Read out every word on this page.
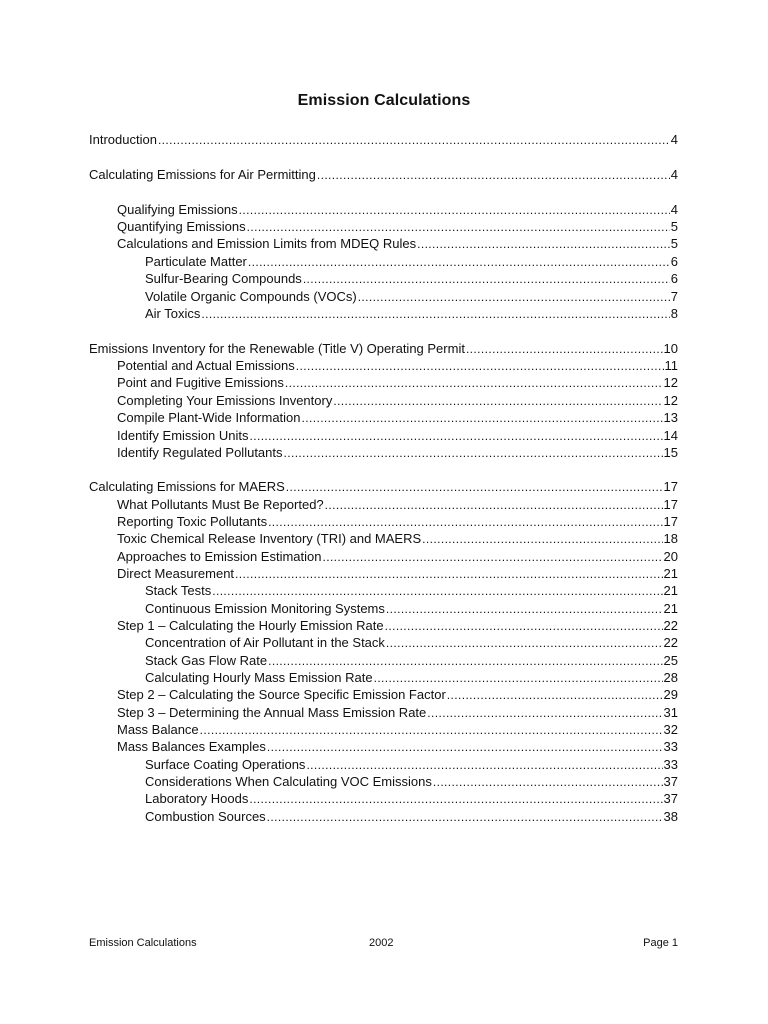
Emission Calculations
Introduction .....	4
Calculating Emissions for Air Permitting .....	4
Qualifying Emissions .....	4
Quantifying Emissions .....	5
Calculations and Emission Limits from MDEQ Rules .....	5
Particulate Matter .....	6
Sulfur-Bearing Compounds .....	6
Volatile Organic Compounds (VOCs) .....	7
Air Toxics .....	8
Emissions Inventory for the Renewable (Title V) Operating Permit .....	10
Potential and Actual Emissions .....	11
Point and Fugitive Emissions .....	12
Completing Your Emissions Inventory .....	12
Compile Plant-Wide Information .....	13
Identify Emission Units .....	14
Identify Regulated Pollutants .....	15
Calculating Emissions for MAERS .....	17
What Pollutants Must Be Reported? .....	17
Reporting Toxic Pollutants .....	17
Toxic Chemical Release Inventory (TRI) and MAERS .....	18
Approaches to Emission Estimation .....	20
Direct Measurement .....	21
Stack Tests .....	21
Continuous Emission Monitoring Systems .....	21
Step 1 – Calculating the Hourly Emission Rate .....	22
Concentration of Air Pollutant in the Stack .....	22
Stack Gas Flow Rate .....	25
Calculating Hourly Mass Emission Rate .....	28
Step 2 – Calculating the Source Specific Emission Factor .....	29
Step 3 – Determining the Annual Mass Emission Rate .....	31
Mass Balance .....	32
Mass Balances Examples .....	33
Surface Coating Operations .....	33
Considerations When Calculating VOC Emissions .....	37
Laboratory Hoods .....	37
Combustion Sources .....	38
Emission Calculations	2002	Page 1
